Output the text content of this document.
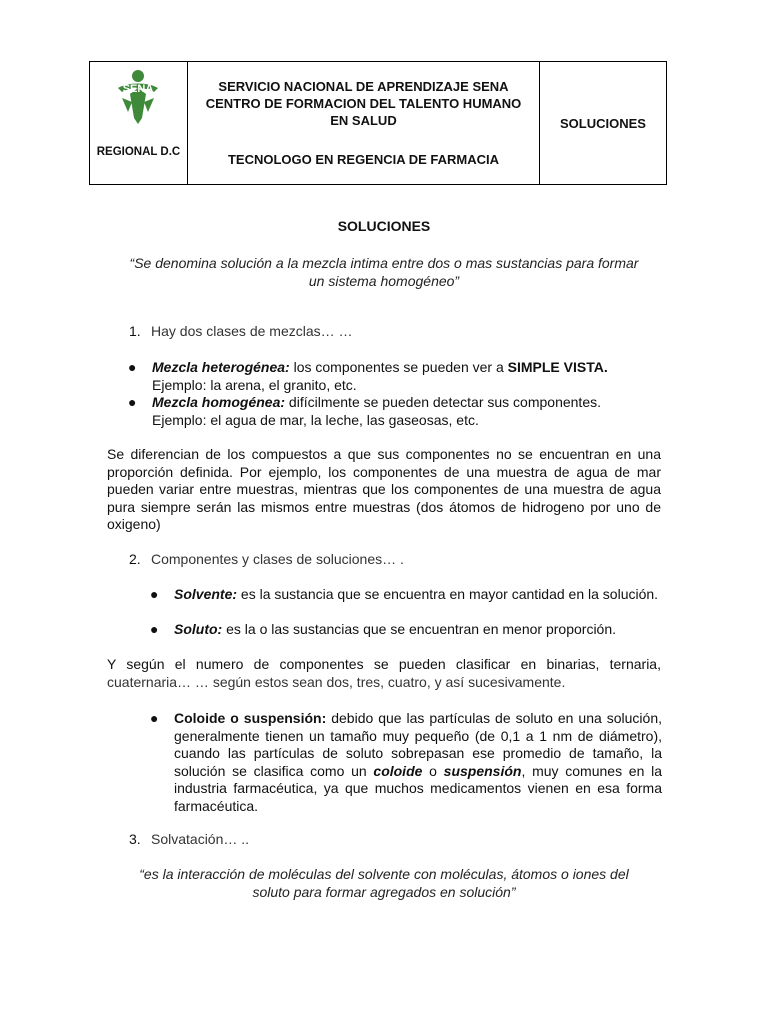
SENA
REGIONAL D.C
SERVICIO NACIONAL DE APRENDIZAJE SENA
CENTRO DE FORMACION DEL TALENTO HUMANO
EN SALUD
TECNOLOGO EN REGENCIA DE FARMACIA
SOLUCIONES
SOLUCIONES
“Se denomina solución a la mezcla intima entre dos o mas sustancias para formar
un sistema homogéneo”
1. Hay dos clases de mezclas… …
●	Mezcla heterogénea: los componentes se pueden ver a SIMPLE VISTA.
Ejemplo: la arena, el granito, etc.
●	Mezcla homogénea: difícilmente se pueden detectar sus componentes.
Ejemplo: el agua de mar, la leche, las gaseosas, etc.
Se diferencian de los compuestos a que sus componentes no se encuentran en una proporción definida. Por ejemplo, los componentes de una muestra de agua de mar pueden variar entre muestras, mientras que los componentes de una muestra de agua pura siempre serán las mismos entre muestras (dos átomos de hidrogeno por uno de oxigeno)
2. Componentes y clases de soluciones… .
●	Solvente: es la sustancia que se encuentra en mayor cantidad en la solución.
●	Soluto: es la o las sustancias que se encuentran en menor proporción.
Y según el numero de componentes se pueden clasificar en binarias, ternaria,
cuaternaria… … según estos sean dos, tres, cuatro, y así sucesivamente.
●	Coloide o suspensión: debido que las partículas de soluto en una solución, generalmente tienen un tamaño muy pequeño (de 0,1 a 1 nm de diámetro), cuando las partículas de soluto sobrepasan ese promedio de tamaño, la solución se clasifica como un coloide o suspensión, muy comunes en la industria farmacéutica, ya que muchos medicamentos vienen en esa forma farmacéutica.
3. Solvatación… ..
“es la interacción de moléculas del solvente con moléculas, átomos o iones del
soluto para formar agregados en solución”
